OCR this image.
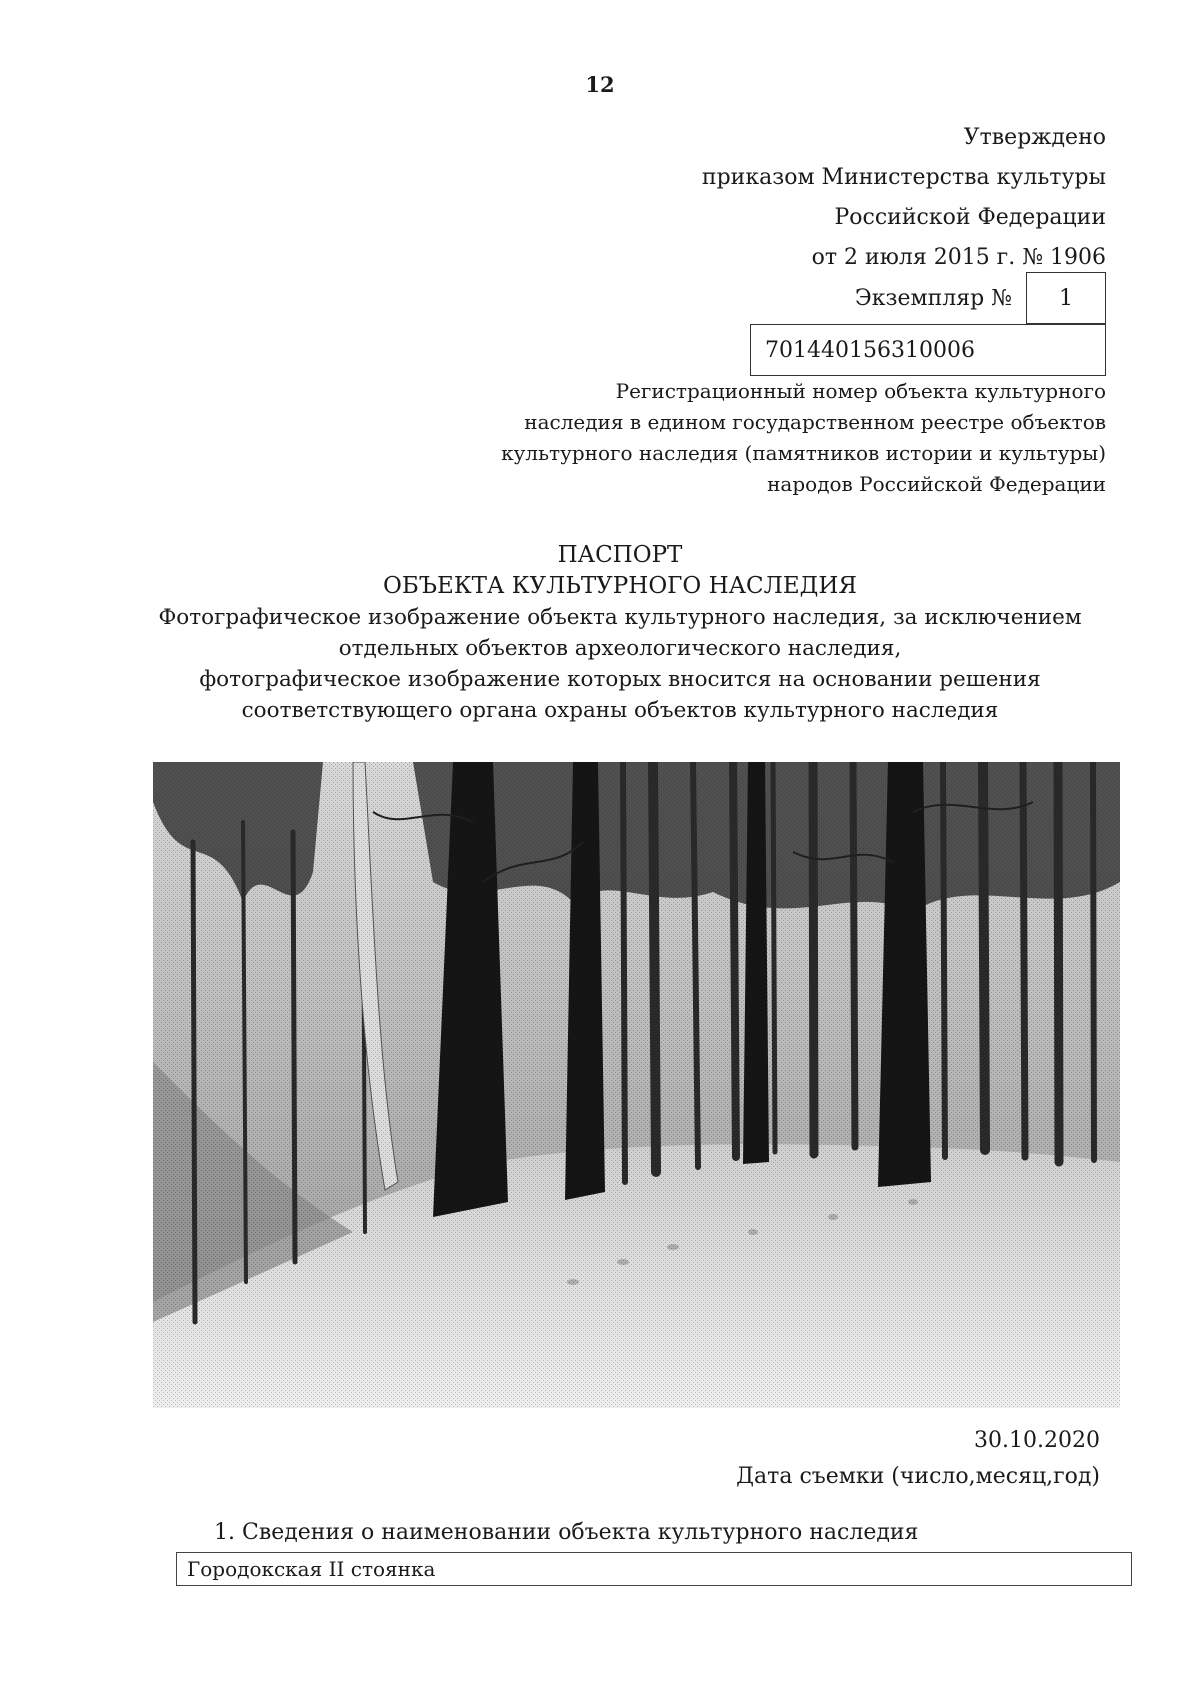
12
Утверждено
приказом Министерства культуры
Российской Федерации
от 2 июля 2015 г. № 1906
Экземпляр №	1
701440156310006
Регистрационный номер объекта культурного
наследия в едином государственном реестре объектов
культурного наследия (памятников истории и культуры)
народов Российской Федерации
ПАСПОРТ
ОБЪЕКТА КУЛЬТУРНОГО НАСЛЕДИЯ
Фотографическое изображение объекта культурного наследия, за исключением
отдельных объектов археологического наследия,
фотографическое изображение которых вносится на основании решения
соответствующего органа охраны объектов культурного наследия
30.10.2020
Дата съемки (число,месяц,год)
1. Сведения о наименовании объекта культурного наследия
Городокская II стоянка
